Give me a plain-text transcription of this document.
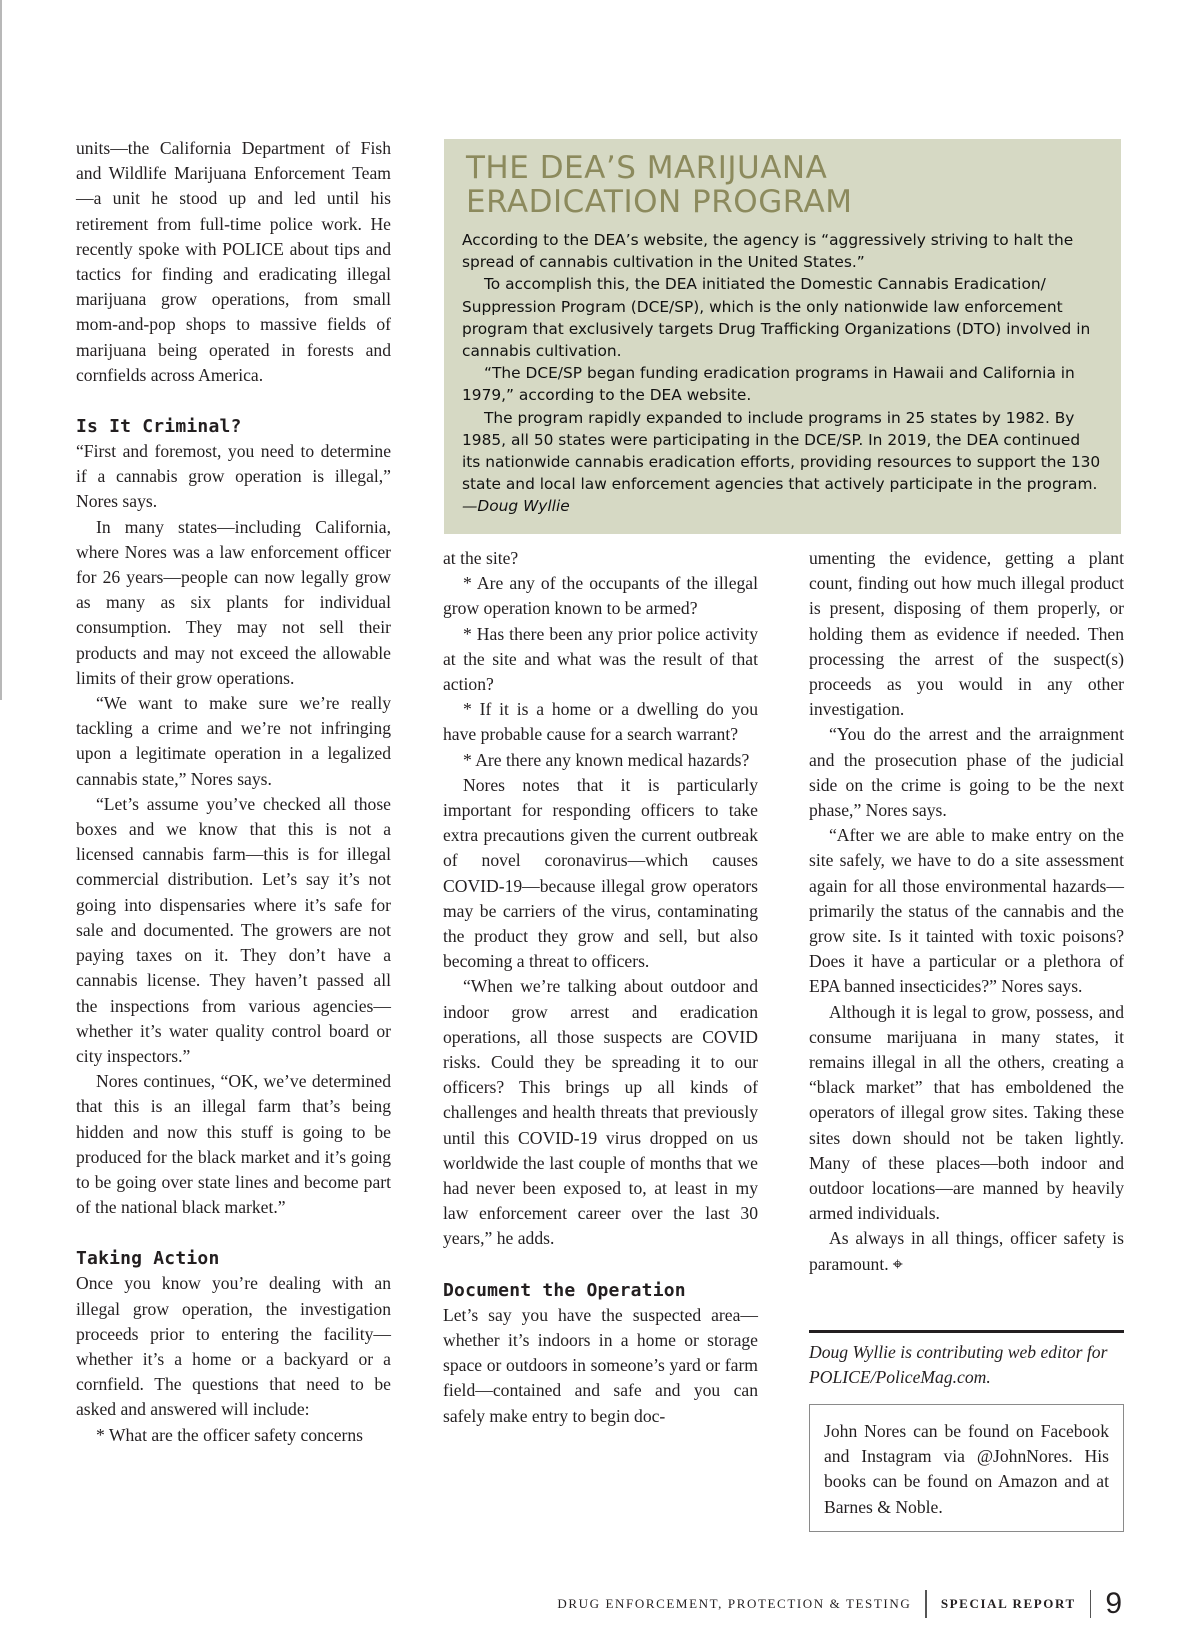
THE DEA’S MARIJUANA
ERADICATION PROGRAM

According to the DEA’s website, the agency is “aggressively striving to halt the spread of cannabis cultivation in the United States.”

To accomplish this, the DEA initiated the Domestic Cannabis Eradication/ Suppression Program (DCE/SP), which is the only nationwide law enforcement program that exclusively targets Drug Trafficking Organizations (DTO) involved in cannabis cultivation.

“The DCE/SP began funding eradication programs in Hawaii and California in 1979,” according to the DEA website.

The program rapidly expanded to include programs in 25 states by 1982. By 1985, all 50 states were participating in the DCE/SP. In 2019, the DEA continued its nationwide cannabis eradication efforts, providing resources to support the 130 state and local law enforcement agencies that actively participate in the program. —Doug Wyllie

units—the California Department of Fish and Wildlife Marijuana Enforcement Team—a unit he stood up and led until his retirement from full-time police work. He recently spoke with POLICE about tips and tactics for finding and eradicating illegal marijuana grow operations, from small mom-and-pop shops to massive fields of marijuana being operated in forests and cornfields across America.

Is It Criminal?

“First and foremost, you need to determine if a cannabis grow operation is illegal,” Nores says.

In many states—including California, where Nores was a law enforcement officer for 26 years—people can now legally grow as many as six plants for individual consumption. They may not sell their products and may not exceed the allowable limits of their grow operations.

“We want to make sure we’re really tackling a crime and we’re not infringing upon a legitimate operation in a legalized cannabis state,” Nores says.

“Let’s assume you’ve checked all those boxes and we know that this is not a licensed cannabis farm—this is for illegal commercial distribution. Let’s say it’s not going into dispensaries where it’s safe for sale and documented. The growers are not paying taxes on it. They don’t have a cannabis license. They haven’t passed all the inspections from various agencies—whether it’s water quality control board or city inspectors.”

Nores continues, “OK, we’ve determined that this is an illegal farm that’s being hidden and now this stuff is going to be produced for the black market and it’s going to be going over state lines and become part of the national black market.”

Taking Action

Once you know you’re dealing with an illegal grow operation, the investigation proceeds prior to entering the facility—whether it’s a home or a backyard or a cornfield. The questions that need to be asked and answered will include:

* What are the officer safety concerns

at the site?

* Are any of the occupants of the illegal grow operation known to be armed?

* Has there been any prior police activity at the site and what was the result of that action?

* If it is a home or a dwelling do you have probable cause for a search warrant?

* Are there any known medical hazards?

Nores notes that it is particularly important for responding officers to take extra precautions given the current outbreak of novel coronavirus—which causes COVID-19—because illegal grow operators may be carriers of the virus, contaminating the product they grow and sell, but also becoming a threat to officers.

“When we’re talking about outdoor and indoor grow arrest and eradication operations, all those suspects are COVID risks. Could they be spreading it to our officers? This brings up all kinds of challenges and health threats that previously until this COVID-19 virus dropped on us worldwide the last couple of months that we had never been exposed to, at least in my law enforcement career over the last 30 years,” he adds.

Document the Operation

Let’s say you have the suspected area—whether it’s indoors in a home or storage space or outdoors in someone’s yard or farm field—contained and safe and you can safely make entry to begin doc-

umenting the evidence, getting a plant count, finding out how much illegal product is present, disposing of them properly, or holding them as evidence if needed. Then processing the arrest of the suspect(s) proceeds as you would in any other investigation.

“You do the arrest and the arraignment and the prosecution phase of the judicial side on the crime is going to be the next phase,” Nores says.

“After we are able to make entry on the site safely, we have to do a site assessment again for all those environmental hazards—primarily the status of the cannabis and the grow site. Is it tainted with toxic poisons? Does it have a particular or a plethora of EPA banned insecticides?” Nores says.

Although it is legal to grow, possess, and consume marijuana in many states, it remains illegal in all the others, creating a “black market” that has emboldened the operators of illegal grow sites. Taking these sites down should not be taken lightly. Many of these places—both indoor and outdoor locations—are manned by heavily armed individuals.

As always in all things, officer safety is paramount. ⌖

Doug Wyllie is contributing web editor for POLICE/PoliceMag.com.
John Nores can be found on Facebook and Instagram via @JohnNores. His books can be found on Amazon and at Barnes & Noble.
DRUG ENFORCEMENT, PROTECTION & TESTING SPECIAL REPORT 9
